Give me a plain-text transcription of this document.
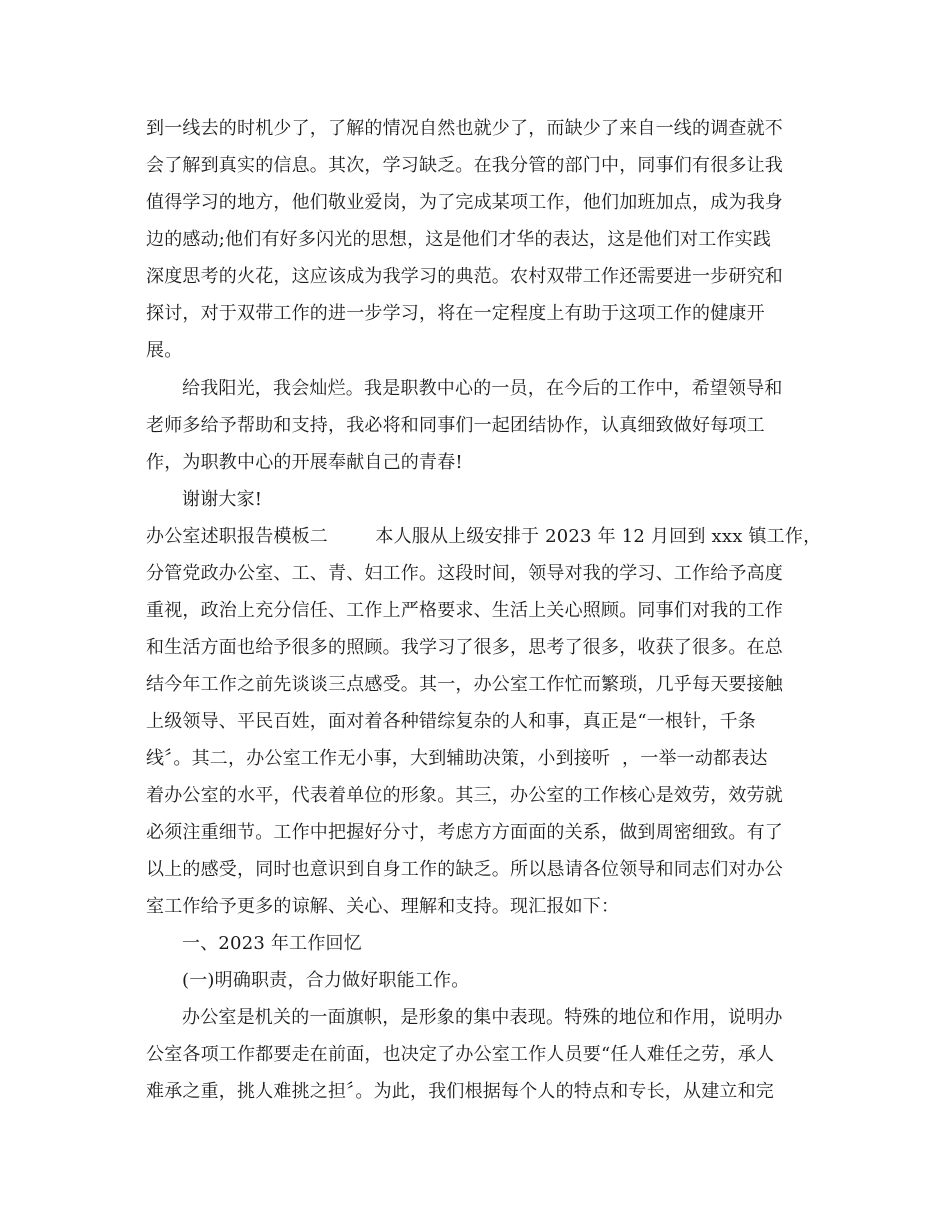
到一线去的时机少了，了解的情况自然也就少了，而缺少了来自一线的调查就不
会了解到真实的信息。其次，学习缺乏。在我分管的部门中，同事们有很多让我
值得学习的地方，他们敬业爱岗，为了完成某项工作，他们加班加点，成为我身
边的感动;他们有好多闪光的思想，这是他们才华的表达，这是他们对工作实践
深度思考的火花，这应该成为我学习的典范。农村双带工作还需要进一步研究和
探讨，对于双带工作的进一步学习，将在一定程度上有助于这项工作的健康开
展。
给我阳光，我会灿烂。我是职教中心的一员，在今后的工作中，希望领导和
老师多给予帮助和支持，我必将和同事们一起团结协作，认真细致做好每项工
作，为职教中心的开展奉献自己的青春!
谢谢大家!
办公室述职报告模板二        本人服从上级安排于 2023 年 12 月回到 xxx 镇工作，
分管党政办公室、工、青、妇工作。这段时间，领导对我的学习、工作给予高度
重视，政治上充分信任、工作上严格要求、生活上关心照顾。同事们对我的工作
和生活方面也给予很多的照顾。我学习了很多，思考了很多，收获了很多。在总
结今年工作之前先谈谈三点感受。其一，办公室工作忙而繁琐，几乎每天要接触
上级领导、平民百姓，面对着各种错综复杂的人和事，真正是“一根针，千条
线〞。其二，办公室工作无小事，大到辅助决策，小到接听  ，一举一动都表达
着办公室的水平，代表着单位的形象。其三，办公室的工作核心是效劳，效劳就
必须注重细节。工作中把握好分寸，考虑方方面面的关系，做到周密细致。有了
以上的感受，同时也意识到自身工作的缺乏。所以恳请各位领导和同志们对办公
室工作给予更多的谅解、关心、理解和支持。现汇报如下：
一、2023 年工作回忆
(一)明确职责，合力做好职能工作。
办公室是机关的一面旗帜，是形象的集中表现。特殊的地位和作用，说明办
公室各项工作都要走在前面，也决定了办公室工作人员要“任人难任之劳，承人
难承之重，挑人难挑之担〞。为此，我们根据每个人的特点和专长，从建立和完
